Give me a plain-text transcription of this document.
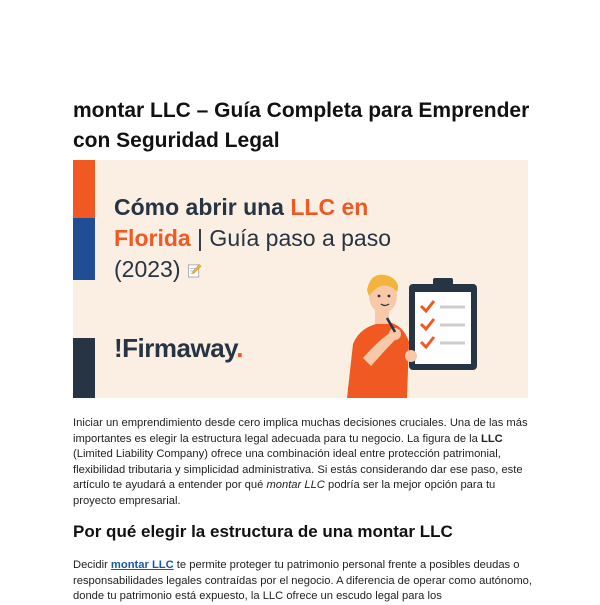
montar LLC – Guía Completa para Emprender con Seguridad Legal
Cómo abrir una LLC en
Florida | Guía paso a paso
(2023)
!Firmaway.

Iniciar un emprendimiento desde cero implica muchas decisiones cruciales. Una de las más importantes es elegir la estructura legal adecuada para tu negocio. La figura de la LLC (Limited Liability Company) ofrece una combinación ideal entre protección patrimonial, flexibilidad tributaria y simplicidad administrativa. Si estás considerando dar ese paso, este artículo te ayudará a entender por qué montar LLC podría ser la mejor opción para tu proyecto empresarial.

Por qué elegir la estructura de una montar LLC

Decidir montar LLC te permite proteger tu patrimonio personal frente a posibles deudas o responsabilidades legales contraídas por el negocio. A diferencia de operar como autónomo, donde tu patrimonio está expuesto, la LLC ofrece un escudo legal para los
